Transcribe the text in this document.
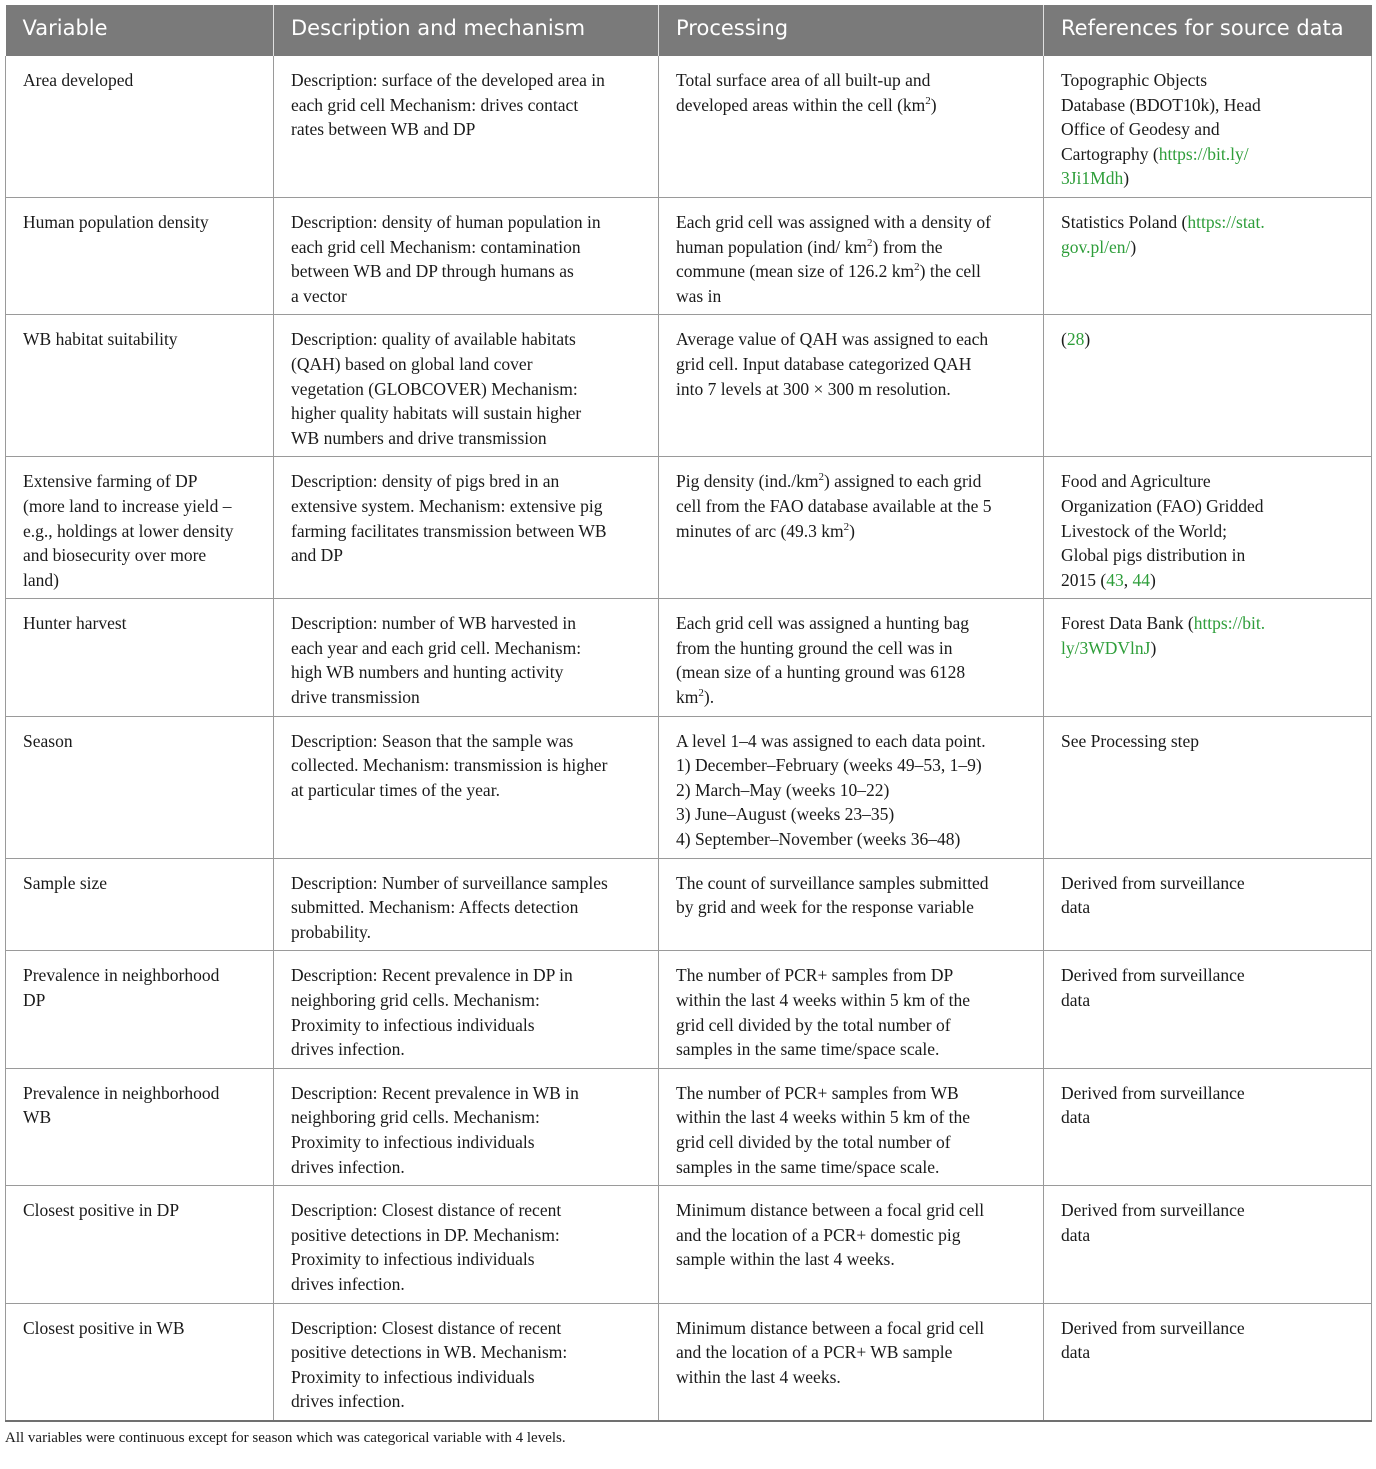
Variable	Description and mechanism	Processing	References for source data

Area developed	Description: surface of the developed area in
each grid cell Mechanism: drives contact
rates between WB and DP	Total surface area of all built-up and
developed areas within the cell $(km^2)$	Topographic Objects
Database (BDOT10k), Head
Office of Geodesy and
Cartography (https://bit.ly/
3Ji1Mdh)

Human population density	Description: density of human population in
each grid cell Mechanism: contamination
between WB and DP through humans as
a vector	Each grid cell was assigned with a density of
human population (ind/ $km^2$) from the
commune (mean size of 126.2 $km^2$) the cell
was in	Statistics Poland (https://stat.
gov.pl/en/)

WB habitat suitability	Description: quality of available habitats
(QAH) based on global land cover
vegetation (GLOBCOVER) Mechanism:
higher quality habitats will sustain higher
WB numbers and drive transmission	Average value of QAH was assigned to each
grid cell. Input database categorized QAH
into 7 levels at 300 × 300 m resolution.	(28)

Extensive farming of DP
(more land to increase yield –
e.g., holdings at lower density
and biosecurity over more
land)	Description: density of pigs bred in an
extensive system. Mechanism: extensive pig
farming facilitates transmission between WB
and DP	Pig density $(ind./km^2)$ assigned to each grid
cell from the FAO database available at the 5
minutes of arc (49.3 $km^2$)	Food and Agriculture
Organization (FAO) Gridded
Livestock of the World;
Global pigs distribution in
2015 (43, 44)

Hunter harvest	Description: number of WB harvested in
each year and each grid cell. Mechanism:
high WB numbers and hunting activity
drive transmission	Each grid cell was assigned a hunting bag
from the hunting ground the cell was in
(mean size of a hunting ground was 6128
$km^2$).	Forest Data Bank (https://bit.
ly/3WDVlnJ)

Season	Description: Season that the sample was
collected. Mechanism: transmission is higher
at particular times of the year.	A level 1–4 was assigned to each data point.
1) December–February (weeks 49–53, 1–9)
2) March–May (weeks 10–22)
3) June–August (weeks 23–35)
4) September–November (weeks 36–48)	See Processing step

Sample size	Description: Number of surveillance samples
submitted. Mechanism: Affects detection
probability.	The count of surveillance samples submitted
by grid and week for the response variable	Derived from surveillance
data

Prevalence in neighborhood
DP	Description: Recent prevalence in DP in
neighboring grid cells. Mechanism:
Proximity to infectious individuals
drives infection.	The number of PCR+ samples from DP
within the last 4 weeks within 5 km of the
grid cell divided by the total number of
samples in the same time/space scale.	Derived from surveillance
data

Prevalence in neighborhood
WB	Description: Recent prevalence in WB in
neighboring grid cells. Mechanism:
Proximity to infectious individuals
drives infection.	The number of PCR+ samples from WB
within the last 4 weeks within 5 km of the
grid cell divided by the total number of
samples in the same time/space scale.	Derived from surveillance
data

Closest positive in DP	Description: Closest distance of recent
positive detections in DP. Mechanism:
Proximity to infectious individuals
drives infection.	Minimum distance between a focal grid cell
and the location of a PCR+ domestic pig
sample within the last 4 weeks.	Derived from surveillance
data

Closest positive in WB	Description: Closest distance of recent
positive detections in WB. Mechanism:
Proximity to infectious individuals
drives infection.	Minimum distance between a focal grid cell
and the location of a PCR+ WB sample
within the last 4 weeks.	Derived from surveillance
data
All variables were continuous except for season which was categorical variable with 4 levels.
